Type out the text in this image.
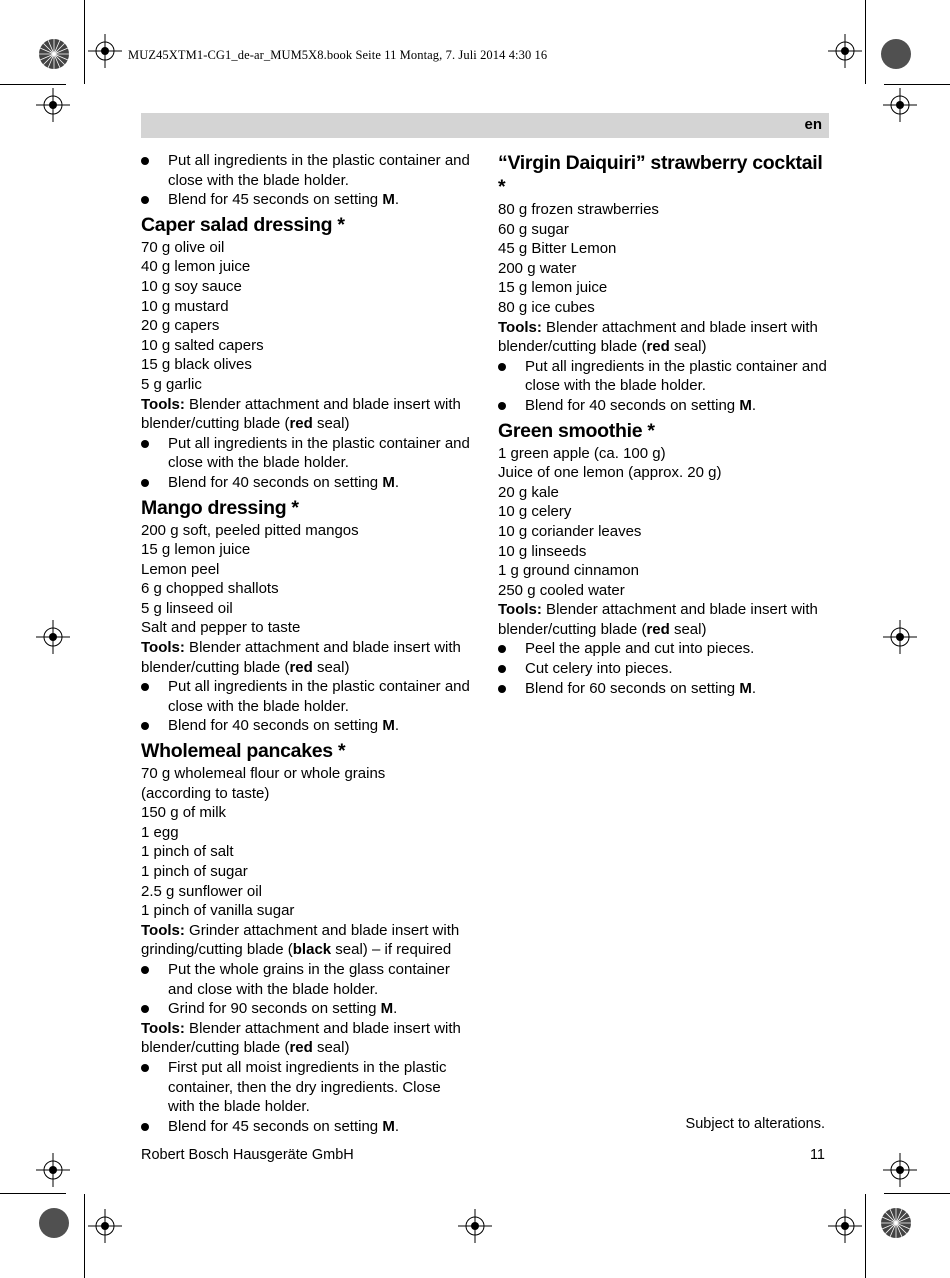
MUZ45XTM1-CG1_de-ar_MUM5X8.book Seite 11 Montag, 7. Juli 2014 4:30 16
en

Put all ingredients in the plastic container and close with the blade holder.

Blend for 45 seconds on setting M.

Caper salad dressing *

70 g olive oil

40 g lemon juice

10 g soy sauce

10 g mustard

20 g capers

10 g salted capers

15 g black olives

5 g garlic

Tools: Blender attachment and blade insert with blender/cutting blade (red seal)

Put all ingredients in the plastic container and close with the blade holder.

Blend for 40 seconds on setting M.

Mango dressing *

200 g soft, peeled pitted mangos

15 g lemon juice

Lemon peel

6 g chopped shallots

5 g linseed oil

Salt and pepper to taste

Tools: Blender attachment and blade insert with blender/cutting blade (red seal)

Put all ingredients in the plastic container and close with the blade holder.

Blend for 40 seconds on setting M.

Wholemeal pancakes *

70 g wholemeal flour or whole grains (according to taste)

150 g of milk

1 egg

1 pinch of salt

1 pinch of sugar

2.5 g sunflower oil

1 pinch of vanilla sugar

Tools: Grinder attachment and blade insert with grinding/cutting blade (black seal) – if required

Put the whole grains in the glass container and close with the blade holder.

Grind for 90 seconds on setting M.

Tools: Blender attachment and blade insert with blender/cutting blade (red seal)

First put all moist ingredients in the plastic container, then the dry ingredients. Close with the blade holder.

Blend for 45 seconds on setting M.

“Virgin Daiquiri” strawberry cocktail *

80 g frozen strawberries

60 g sugar

45 g Bitter Lemon

200 g water

15 g lemon juice

80 g ice cubes

Tools: Blender attachment and blade insert with blender/cutting blade (red seal)

Put all ingredients in the plastic container and close with the blade holder.

Blend for 40 seconds on setting M.

Green smoothie *

1 green apple (ca. 100 g)

Juice of one lemon (approx. 20 g)

20 g kale

10 g celery

10 g coriander leaves

10 g linseeds

1 g ground cinnamon

250 g cooled water

Tools: Blender attachment and blade insert with blender/cutting blade (red seal)

Peel the apple and cut into pieces.

Cut celery into pieces.

Blend for 60 seconds on setting M.

Subject to alterations.
Robert Bosch Hausgeräte GmbH	11
